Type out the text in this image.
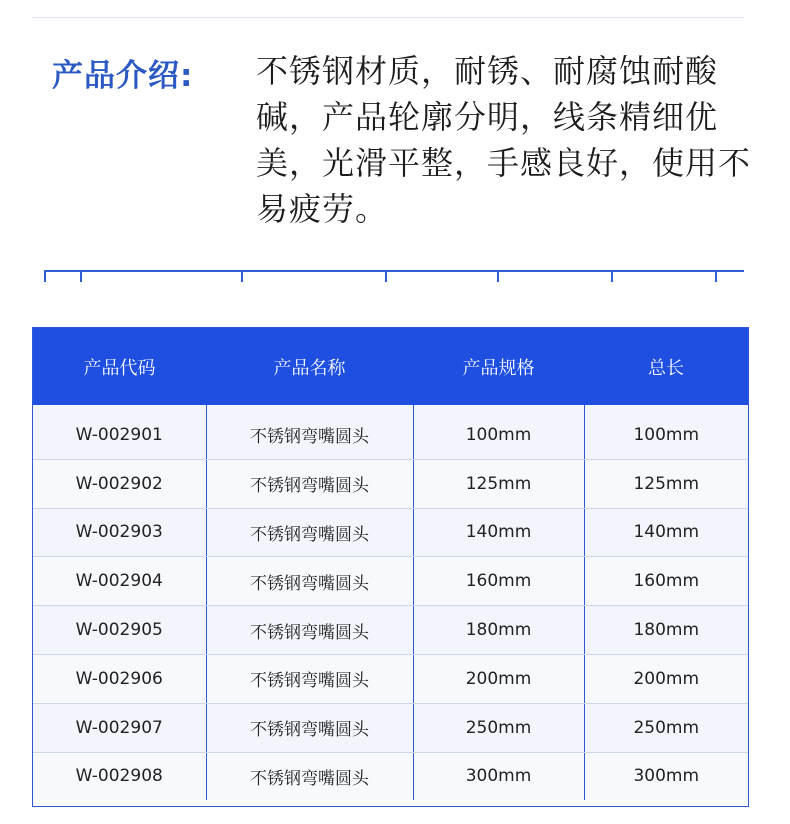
产品介绍: 不锈钢材质，耐锈、耐腐蚀耐酸碱，产品轮廓分明，线条精细优美，光滑平整，手感良好，使用不易疲劳。
产品代码	产品名称	产品规格	总长
W-002901	不锈钢弯嘴圆头	100mm	100mm
W-002902	不锈钢弯嘴圆头	125mm	125mm
W-002903	不锈钢弯嘴圆头	140mm	140mm
W-002904	不锈钢弯嘴圆头	160mm	160mm
W-002905	不锈钢弯嘴圆头	180mm	180mm
W-002906	不锈钢弯嘴圆头	200mm	200mm
W-002907	不锈钢弯嘴圆头	250mm	250mm
W-002908	不锈钢弯嘴圆头	300mm	300mm
